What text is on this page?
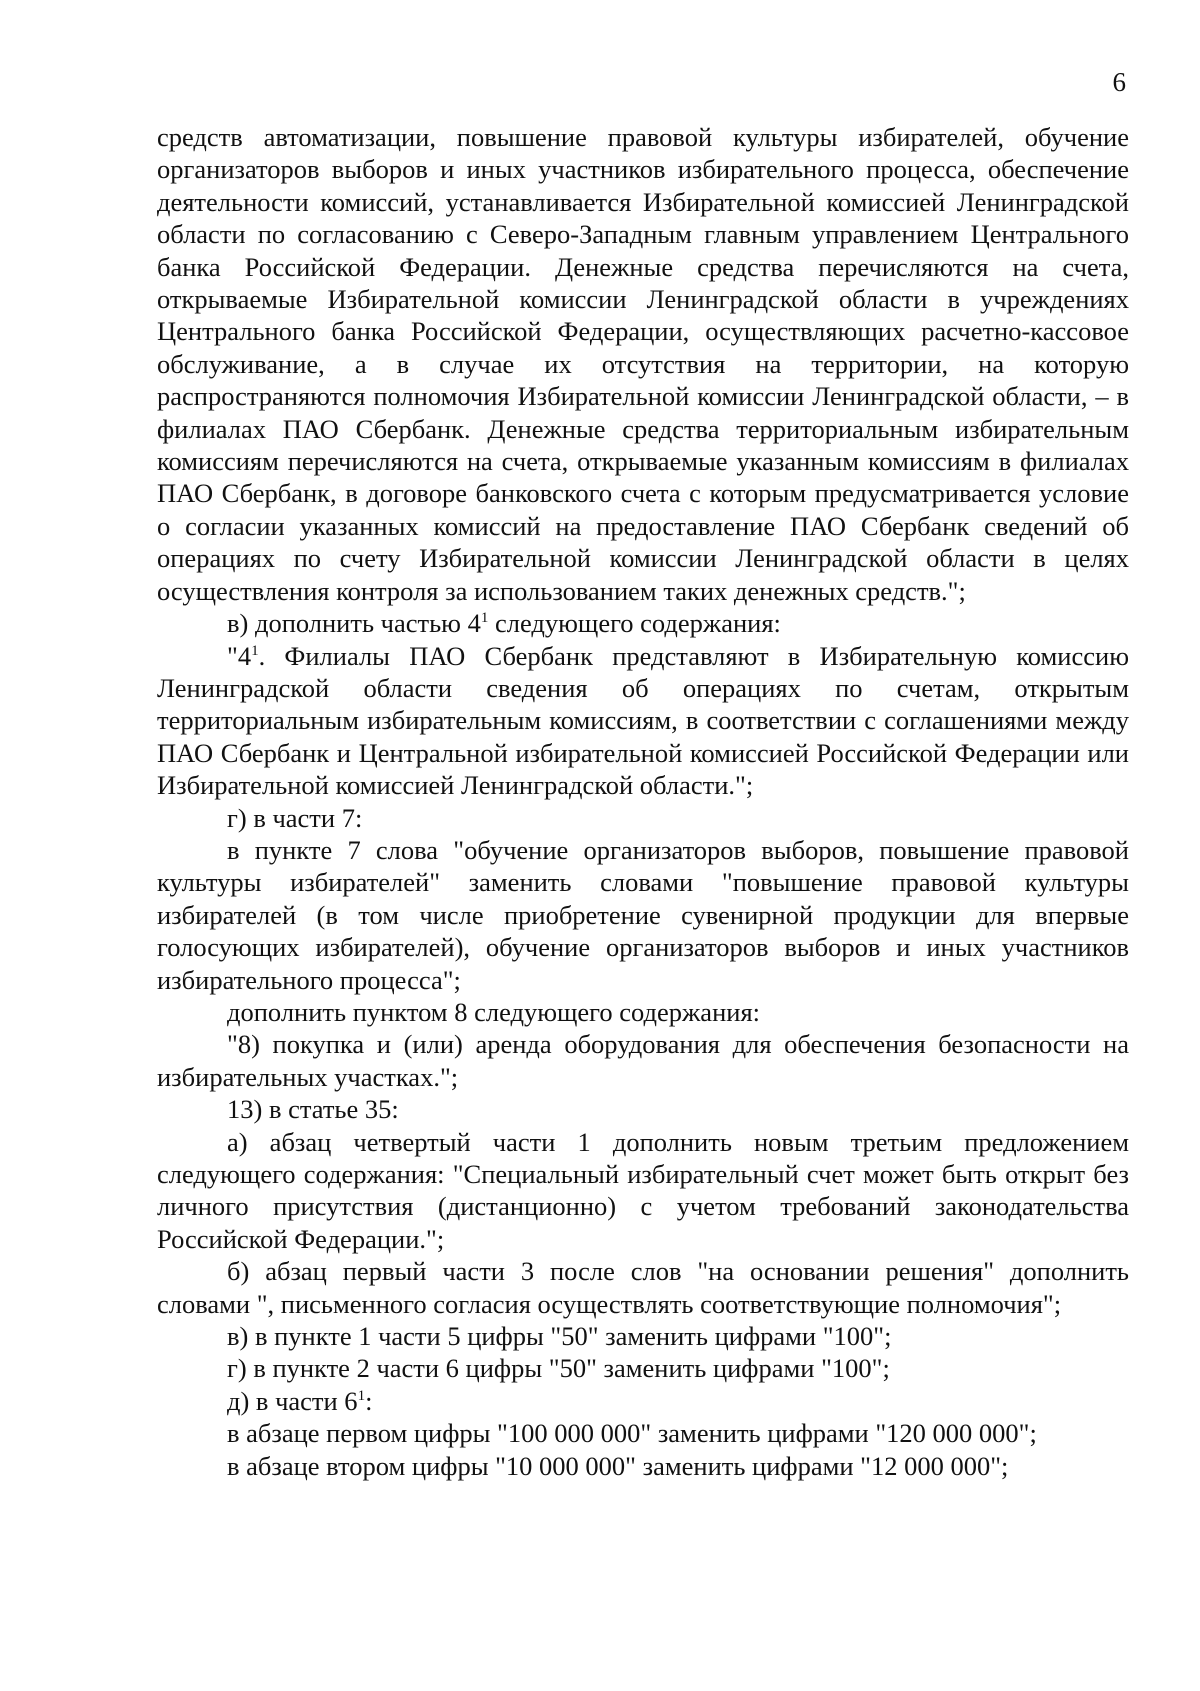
6

средств автоматизации, повышение правовой культуры избирателей, обучение организаторов выборов и иных участников избирательного процесса, обеспечение деятельности комиссий, устанавливается Избирательной комиссией Ленинградской области по согласованию с Северо-Западным главным управлением Центрального банка Российской Федерации. Денежные средства перечисляются на счета, открываемые Избирательной комиссии Ленинградской области в учреждениях Центрального банка Российской Федерации, осуществляющих расчетно-кассовое обслуживание, а в случае их отсутствия на территории, на которую распространяются полномочия Избирательной комиссии Ленинградской области, – в филиалах ПАО Сбербанк. Денежные средства территориальным избирательным комиссиям перечисляются на счета, открываемые указанным комиссиям в филиалах ПАО Сбербанк, в договоре банковского счета с которым предусматривается условие о согласии указанных комиссий на предоставление ПАО Сбербанк сведений об операциях по счету Избирательной комиссии Ленинградской области в целях осуществления контроля за использованием таких денежных средств.";

в) дополнить частью $4^1$ следующего содержания:

"$4^1$. Филиалы ПАО Сбербанк представляют в Избирательную комиссию Ленинградской области сведения об операциях по счетам, открытым территориальным избирательным комиссиям, в соответствии с соглашениями между ПАО Сбербанк и Центральной избирательной комиссией Российской Федерации или Избирательной комиссией Ленинградской области.";

г) в части 7:

в пункте 7 слова "обучение организаторов выборов, повышение правовой культуры избирателей" заменить словами "повышение правовой культуры избирателей (в том числе приобретение сувенирной продукции для впервые голосующих избирателей), обучение организаторов выборов и иных участников избирательного процесса";

дополнить пунктом 8 следующего содержания:

"8) покупка и (или) аренда оборудования для обеспечения безопасности на избирательных участках.";

13) в статье 35:

а) абзац четвертый части 1 дополнить новым третьим предложением следующего содержания: "Специальный избирательный счет может быть открыт без личного присутствия (дистанционно) с учетом требований законодательства Российской Федерации.";

б) абзац первый части 3 после слов "на основании решения" дополнить словами ", письменного согласия осуществлять соответствующие полномочия";

в) в пункте 1 части 5 цифры "50" заменить цифрами "100";

г) в пункте 2 части 6 цифры "50" заменить цифрами "100";

д) в части $6^1$:

в абзаце первом цифры "100 000 000" заменить цифрами "120 000 000";

в абзаце втором цифры "10 000 000" заменить цифрами "12 000 000";
